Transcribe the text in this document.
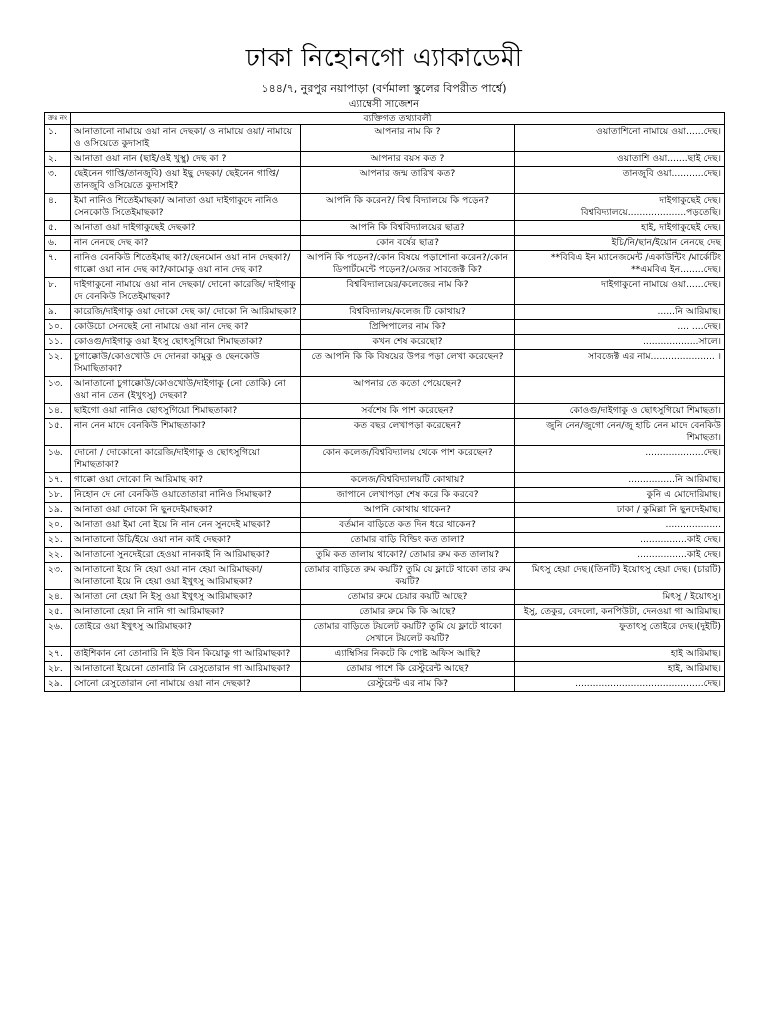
ঢাকা নিহোনগো এ্যাকাডেমী
১৪৪/৭, নুরপুর নয়াপাড়া (বর্ণমালা স্কুলের বিপরীত পার্শ্বে)
এ্যাম্বেসী সাজেশন
ক্রঃ নং	ব্যক্তিগত তথ্যাবলী		
১.	আনাতানো নামায়ে ওয়া নান দেছকা/ ও নামায়ে ওয়া/ নামায়ে ও ওসিয়েতে কুদাসাই	আপনার নাম কি ?	ওয়াতাশিনো নামায়ে ওয়া......দেছ।
২.	আনাতা ওয়া নান (ছাই/ওই খুস্থু) দেছ কা ?	আপনার বয়স কত ?	ওয়াতাশি ওয়া.......ছাই দেছ।
৩.	ছেইনেন গাপ্তি/তানজুবি) ওয়া ইছু দেছকা/ ছেইনেন গাপ্তি/তানজুবি ওসিয়েতে কুদাসাই?	আপনার জন্ম তারিখ কত?	তানজুবি ওয়া...........দেছ।
৪.	ইমা নানিও শিতেইমাছকা/ আনাতা ওয়া দাইগাকুদে নানিও সেনকোউ সিতেইমাছকা?	আপনি কি করেন?/ বিশ্ব বিদ্যালয়ে কি পড়েন?	দাইগাকুছেই দেছ। বিশ্ববিদ্যালয়ে....................পড়তেছি।
৫.	আনাতা ওয়া দাইগাকুছেই দেছকা?	আপনি কি বিশ্ববিদ্যালয়ের ছাত্র?	হাই, দাইগাকুছেই দেছ।
৬.	নান নেনছে দেছ কা?	কোন বর্ষের ছাত্র?	ইচি/নি/ছান/ইয়োন নেনছে দেছ
৭.	নানিও বেনকিউ শিতেইমাছ কা?/ছেনমোন ওয়া নান দেছকা?/গাক্কো ওয়া নান দেছ কা?/কামোকু ওয়া নান দেছ কা?	আপনি কি পড়েন?/কোন বিষয়ে পড়াশোনা করেন?/কোন ডিপার্টমেন্টে পড়েন?/মেজর সাবজেক্ট কি?	**বিবিএ ইন ম্যানেজমেন্ট /একাউন্টিং /মার্কেটিং **এমবিএ ইন........দেছ।
৮.	দাইগাকুনো নামায়ে ওয়া নান দেছকা/ দোনো কারেজি/ দাইগাকু দে বেনকিউ সিতেইমাছকা?	বিশ্ববিদ্যালয়ের/কলেজের নাম কি?	দাইগাকুনো নামায়ে ওয়া......দেছ।
৯.	কারেজি/দাইগাকু ওয়া দোকো দেছ কা/ দোকো নি আরিমাছকা?	বিশ্ববিদ্যালয়/কলেজ টি কোথায়?	......নি আরিমাছ।
১০.	কোউচো সেনছেই নো নামায়ে ওয়া নান দেছ কা?	প্রিন্সিপালের নাম কি?	.... ....দেছ।
১১.	কোওগু/দাইগাকু ওয়া ইৎসু ছোৎসুগিয়ো শিমাছতাকা?	কখন শেষ করেছো?	...................সালে।
১২.	চুগাক্কোউ/কোওখোউ দে দোনরা কামুকু ও ছেনকোউ সিমাছিতাকা?	তে আপনি কি কি বিষয়ের উপর পড়া লেখা করেছেন?	সাবজেক্ট এর নাম...................... ।
১৩.	আনাতানো চুগাক্কোউ/কোওখোউ/দাইগাকু (নো তোকি) নো ওয়া নান তেন (ইখুৎসু) দেছকা?	আপনার তে কতো পেয়েছেন?	
১৪.	ছাইগো ওয়া নানিও ছোৎসুগিয়ো শিমাছতাকা?	সর্বশেষ কি পাশ করেছেন?	কোওগু/দাইগাকু ও ছোৎসুগিয়ো শিমাছতা।
১৫.	নান নেন মাদে বেনকিউ শিমাছতাকা?	কত বছর লেখাপড়া করেছেন?	জুনি নেন/জুগো নেন/জু হাচি নেন মাদে বেনকিউ শিমাছতা।
১৬.	দোনো / দোকোনো কারেজি/দাইগাকু ও ছোৎসুগিয়ো শিমাছতাকা?	কোন কলেজ/বিশ্ববিদ্যালয় থেকে পাশ করেছেন?	....................দেছ।
১৭.	গাক্কো ওয়া দোকো নি আরিমাছ কা?	কলেজ/বিশ্ববিদ্যালয়টি কোথায়?	................নি আরিমাছ।
১৮.	নিহোন দে নো বেনকিউ ওয়াতোতারা নানিও সিমাছকা?	জাপানে লেখাপড়া শেষ করে কি করবে?	কুনি এ মোদোরিমাছ।
১৯.	আনাতা ওয়া দোকো নি ছুনদেইমাছকা?	আপনি কোথায় থাকেন?	ঢাকা / কুমিল্লা নি ছুনদেইমাছ।
২০.	আনাতা ওয়া ইমা নো ইয়ে নি নান নেন সুনদেই মাছকা?	বর্তমান বাড়িতে কত দিন ধরে থাকেন?	...................
২১.	আনাতানো উচি/ইয়ে ওয়া নান কাই দেছকা?	তোমার বাড়ি বিল্ডিং কত তালা?	................কাই দেছ।
২২.	আনাতানো সুনদেইরো হেওয়া নানকাই নি আরিমাছকা?	তুমি কত তালায় থাকো?/ তোমার রুম কত তালায়?	.................কাই দেছ।
২৩.	আনাতানো ইয়ে নি হেয়া ওয়া নান হেয়া আরিমাছকা/ আনাতানো ইয়ে নি হেয়া ওয়া ইখুৎসু আরিমাছকা?	তোমার বাড়িতে রুম কয়টি? তুমি যে ফ্লাটে থাকো তার রুম কয়টি?	মিৎসু হেয়া দেছ।(তিনটি) ইয়োৎসু হেয়া দেছ। (চারটি)
২৪.	আনাতা নো হেয়া নি ইসু ওয়া ইখুৎসু আরিমাছকা?	তোমার রুমে চেয়ার কয়টি আছে?	মিৎসু / ইয়োৎসু।
২৫.	আনাতানো হেয়া নি নানি গা আরিমাছকা?	তোমার রুমে কি কি আছে?	ইসু, তেকুর, বেদলো, কনপিউটা, দেনওয়া গা আরিমাছ।
২৬.	তোইরে ওয়া ইখুৎসু আরিমাছকা?	তোমার বাড়িতে টয়লেট কয়টি? তুমি যে ফ্লাটে থাকো সেখানে টয়লেট কয়টি?	ফুতাৎসু তোইরে দেছ।(দুইটি)
২৭.	তাইশিকান নো তোনারি নি ইউ বিন কিয়োকু গা আরিমাছকা?	এ্যাম্বিসির নিকটে কি পোষ্ট অফিস আছি?	হাই আরিমাছ।
২৮.	আনাতানো ইয়েনো তোনারি নি রেসুতোরান গা আরিমাছকা?	তোমার পাশে কি রেস্টুরেন্ট আছে?	হাই, আরিমাছ।
২৯.	সোনো রেসুতোরান নো নামায়ে ওয়া নান দেছকা?	রেস্টুরেন্ট এর নাম কি?	............................................দেছ।
